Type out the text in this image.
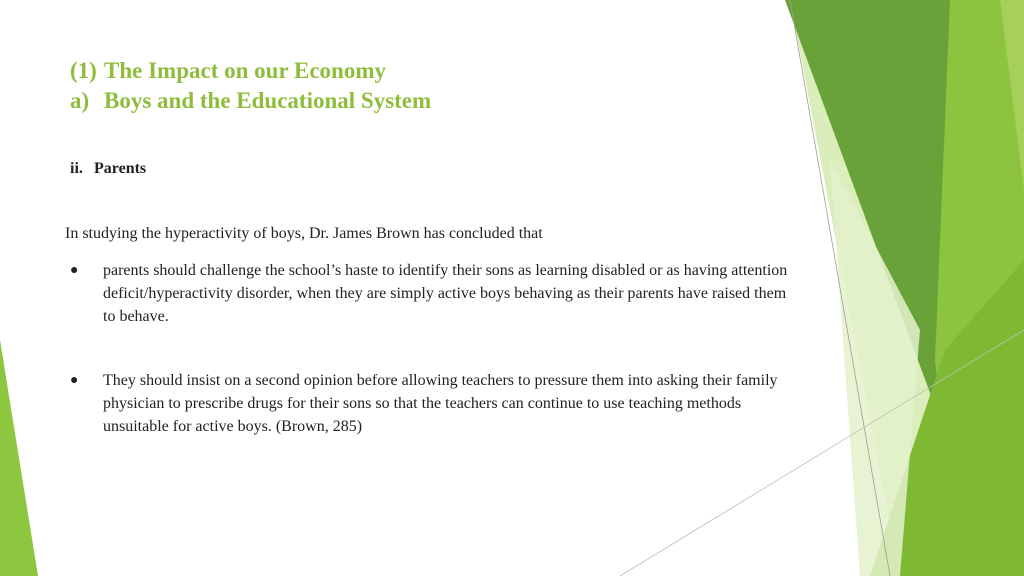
(1) The Impact on our Economy
a) Boys and the Educational System
ii. Parents
In studying the hyperactivity of boys, Dr. James Brown has concluded that
● parents should challenge the school’s haste to identify their sons as learning disabled or as having attention deficit/hyperactivity disorder, when they are simply active boys behaving as their parents have raised them to behave.
● They should insist on a second opinion before allowing teachers to pressure them into asking their family physician to prescribe drugs for their sons so that the teachers can continue to use teaching methods unsuitable for active boys. (Brown, 285)
